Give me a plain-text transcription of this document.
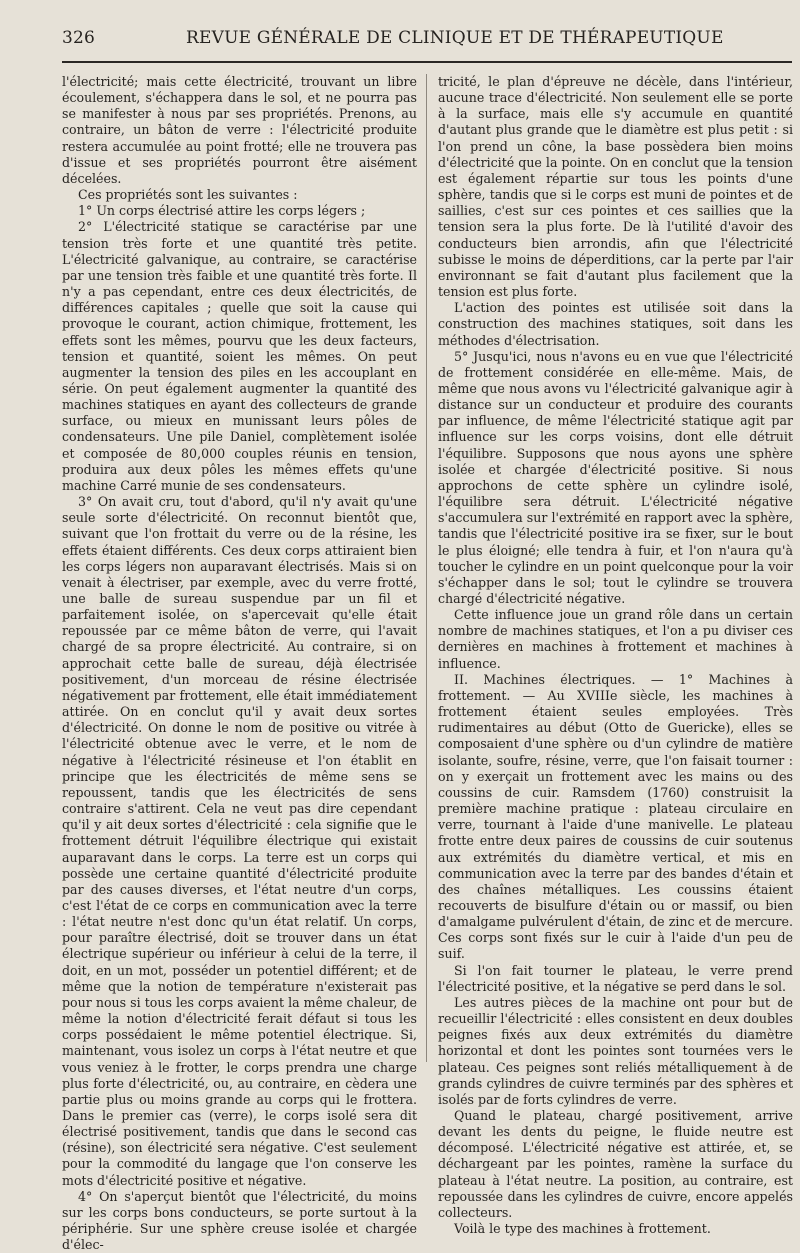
326	REVUE GÉNÉRALE DE CLINIQUE ET DE THÉRAPEUTIQUE

l'électricité; mais cette électricité, trouvant un libre écoulement, s'échappera dans le sol, et ne pourra pas se manifester à nous par ses propriétés. Prenons, au contraire, un bâton de verre : l'électricité produite restera accumulée au point frotté; elle ne trouvera pas d'issue et ses propriétés pourront être aisément décelées.

Ces propriétés sont les suivantes :

1° Un corps électrisé attire les corps légers ;

2° L'électricité statique se caractérise par une tension très forte et une quantité très petite. L'électricité galvanique, au contraire, se caractérise par une tension très faible et une quantité très forte. Il n'y a pas cependant, entre ces deux électricités, de différences capitales ; quelle que soit la cause qui provoque le courant, action chimique, frottement, les effets sont les mêmes, pourvu que les deux facteurs, tension et quantité, soient les mêmes. On peut augmenter la tension des piles en les accouplant en série. On peut également augmenter la quantité des machines statiques en ayant des collecteurs de grande surface, ou mieux en munissant leurs pôles de condensateurs. Une pile Daniel, complètement isolée et composée de 80,000 couples réunis en tension, produira aux deux pôles les mêmes effets qu'une machine Carré munie de ses condensateurs.

3° On avait cru, tout d'abord, qu'il n'y avait qu'une seule sorte d'électricité. On reconnut bientôt que, suivant que l'on frottait du verre ou de la résine, les effets étaient différents. Ces deux corps attiraient bien les corps légers non auparavant électrisés. Mais si on venait à électriser, par exemple, avec du verre frotté, une balle de sureau suspendue par un fil et parfaitement isolée, on s'apercevait qu'elle était repoussée par ce même bâton de verre, qui l'avait chargé de sa propre électricité. Au contraire, si on approchait cette balle de sureau, déjà électrisée positivement, d'un morceau de résine électrisée négativement par frottement, elle était immédiatement attirée. On en conclut qu'il y avait deux sortes d'électricité. On donne le nom de positive ou vitrée à l'électricité obtenue avec le verre, et le nom de négative à l'électricité résineuse et l'on établit en principe que les électricités de même sens se repoussent, tandis que les électricités de sens contraire s'attirent. Cela ne veut pas dire cependant qu'il y ait deux sortes d'électricité : cela signifie que le frottement détruit l'équilibre électrique qui existait auparavant dans le corps. La terre est un corps qui possède une certaine quantité d'électricité produite par des causes diverses, et l'état neutre d'un corps, c'est l'état de ce corps en communication avec la terre : l'état neutre n'est donc qu'un état relatif. Un corps, pour paraître électrisé, doit se trouver dans un état électrique supérieur ou inférieur à celui de la terre, il doit, en un mot, posséder un potentiel différent; et de même que la notion de température n'existerait pas pour nous si tous les corps avaient la même chaleur, de même la notion d'électricité ferait défaut si tous les corps possédaient le même potentiel électrique. Si, maintenant, vous isolez un corps à l'état neutre et que vous veniez à le frotter, le corps prendra une charge plus forte d'électricité, ou, au contraire, en cèdera une partie plus ou moins grande au corps qui le frottera. Dans le premier cas (verre), le corps isolé sera dit électrisé positivement, tandis que dans le second cas (résine), son électricité sera négative. C'est seulement pour la commodité du langage que l'on conserve les mots d'électricité positive et négative.

4° On s'aperçut bientôt que l'électricité, du moins sur les corps bons conducteurs, se porte surtout à la périphérie. Sur une sphère creuse isolée et chargée d'élec-

tricité, le plan d'épreuve ne décèle, dans l'intérieur, aucune trace d'électricité. Non seulement elle se porte à la surface, mais elle s'y accumule en quantité d'autant plus grande que le diamètre est plus petit : si l'on prend un cône, la base possèdera bien moins d'électricité que la pointe. On en conclut que la tension est également répartie sur tous les points d'une sphère, tandis que si le corps est muni de pointes et de saillies, c'est sur ces pointes et ces saillies que la tension sera la plus forte. De là l'utilité d'avoir des conducteurs bien arrondis, afin que l'électricité subisse le moins de déperditions, car la perte par l'air environnant se fait d'autant plus facilement que la tension est plus forte.

L'action des pointes est utilisée soit dans la construction des machines statiques, soit dans les méthodes d'électrisation.

5° Jusqu'ici, nous n'avons eu en vue que l'électricité de frottement considérée en elle-même. Mais, de même que nous avons vu l'électricité galvanique agir à distance sur un conducteur et produire des courants par influence, de même l'électricité statique agit par influence sur les corps voisins, dont elle détruit l'équilibre. Supposons que nous ayons une sphère isolée et chargée d'électricité positive. Si nous approchons de cette sphère un cylindre isolé, l'équilibre sera détruit. L'électricité négative s'accumulera sur l'extrémité en rapport avec la sphère, tandis que l'électricité positive ira se fixer, sur le bout le plus éloigné; elle tendra à fuir, et l'on n'aura qu'à toucher le cylindre en un point quelconque pour la voir s'échapper dans le sol; tout le cylindre se trouvera chargé d'électricité négative.

Cette influence joue un grand rôle dans un certain nombre de machines statiques, et l'on a pu diviser ces dernières en machines à frottement et machines à influence.

II. Machines électriques. — 1° Machines à frottement. — Au XVIIIe siècle, les machines à frottement étaient seules employées. Très rudimentaires au début (Otto de Guericke), elles se composaient d'une sphère ou d'un cylindre de matière isolante, soufre, résine, verre, que l'on faisait tourner : on y exerçait un frottement avec les mains ou des coussins de cuir. Ramsdem (1760) construisit la première machine pratique : plateau circulaire en verre, tournant à l'aide d'une manivelle. Le plateau frotte entre deux paires de coussins de cuir soutenus aux extrémités du diamètre vertical, et mis en communication avec la terre par des bandes d'étain et des chaînes métalliques. Les coussins étaient recouverts de bisulfure d'étain ou or massif, ou bien d'amalgame pulvérulent d'étain, de zinc et de mercure. Ces corps sont fixés sur le cuir à l'aide d'un peu de suif.

Si l'on fait tourner le plateau, le verre prend l'électricité positive, et la négative se perd dans le sol.

Les autres pièces de la machine ont pour but de recueillir l'électricité : elles consistent en deux doubles peignes fixés aux deux extrémités du diamètre horizontal et dont les pointes sont tournées vers le plateau. Ces peignes sont reliés métalliquement à de grands cylindres de cuivre terminés par des sphères et isolés par de forts cylindres de verre.

Quand le plateau, chargé positivement, arrive devant les dents du peigne, le fluide neutre est décomposé. L'électricité négative est attirée, et, se déchargeant par les pointes, ramène la surface du plateau à l'état neutre. La position, au contraire, est repoussée dans les cylindres de cuivre, encore appelés collecteurs.

Voilà le type des machines à frottement.
